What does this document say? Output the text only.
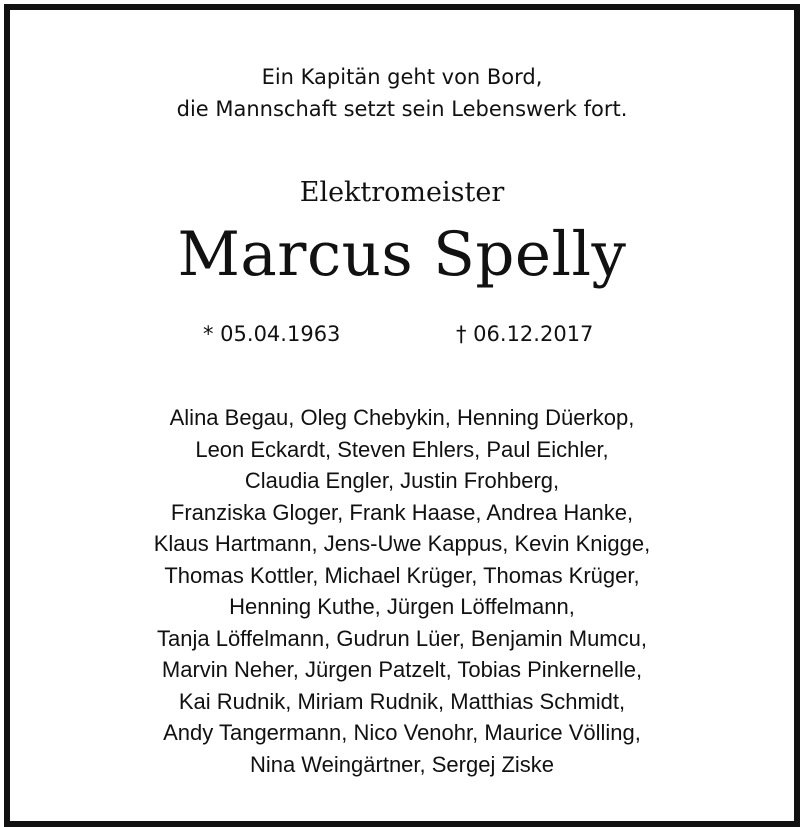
Ein Kapitän geht von Bord,
die Mannschaft setzt sein Lebenswerk fort.
Elektromeister
Marcus Spelly
* 05.04.1963	† 06.12.2017
Alina Begau, Oleg Chebykin, Henning Düerkop,
Leon Eckardt, Steven Ehlers, Paul Eichler,
Claudia Engler, Justin Frohberg,
Franziska Gloger, Frank Haase, Andrea Hanke,
Klaus Hartmann, Jens-Uwe Kappus, Kevin Knigge,
Thomas Kottler, Michael Krüger, Thomas Krüger,
Henning Kuthe, Jürgen Löffelmann,
Tanja Löffelmann, Gudrun Lüer, Benjamin Mumcu,
Marvin Neher, Jürgen Patzelt, Tobias Pinkernelle,
Kai Rudnik, Miriam Rudnik, Matthias Schmidt,
Andy Tangermann, Nico Venohr, Maurice Völling,
Nina Weingärtner, Sergej Ziske
